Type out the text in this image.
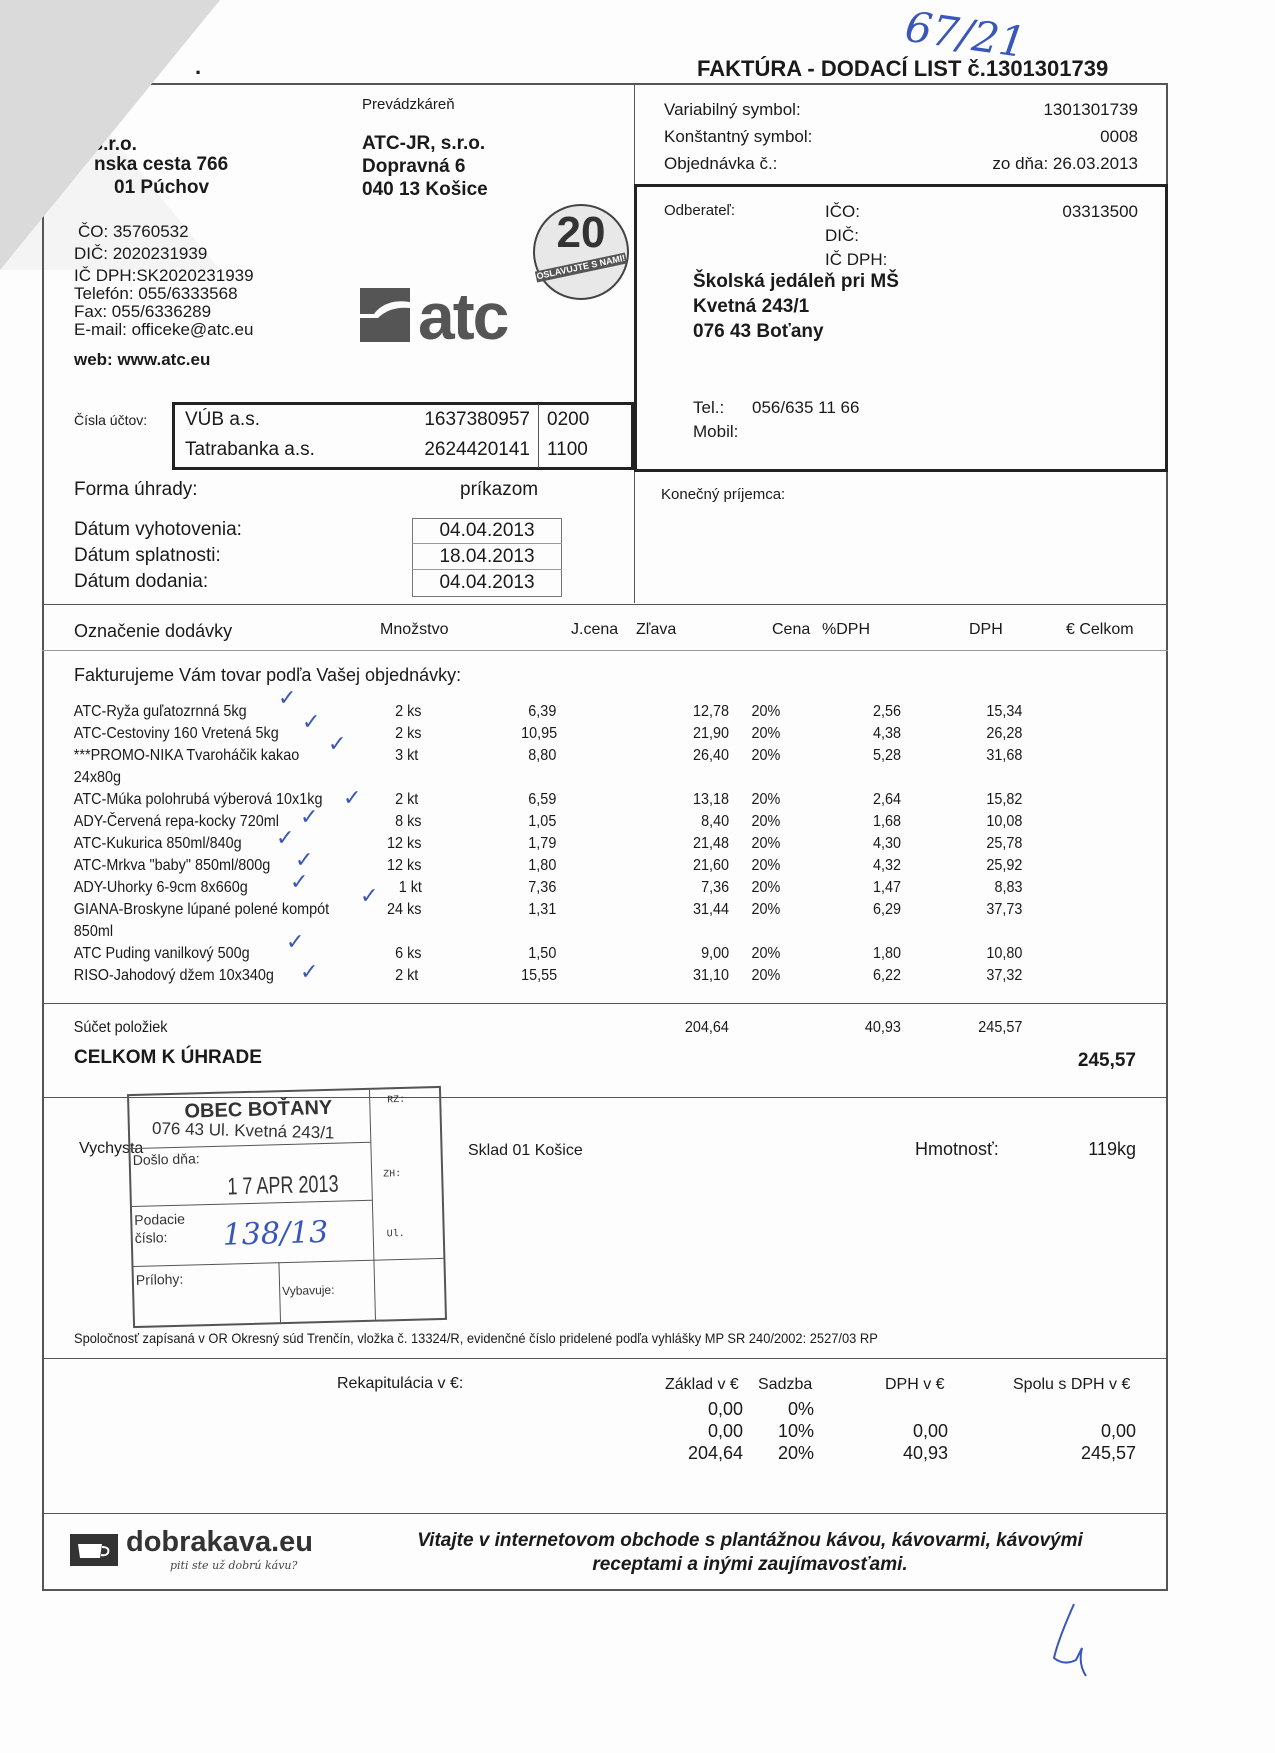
67/21
FAKTÚRA - DODACÍ LIST č.1301301739
.
, s.r.o.
nska cesta 766
01 Púchov
ČO: 35760532
DIČ: 2020231939
IČ DPH:SK2020231939
Telefón: 055/6333568
Fax: 055/6336289
E-mail: officeke@atc.eu
web: www.atc.eu
Prevádzkáreň
ATC-JR, s.r.o.
Dopravná 6
040 13 Košice
20
OSLAVUJTE S NAMI!
atc
Variabilný symbol:	1301301739
Konštantný symbol:	0008
Objednávka č.:	zo dňa: 26.03.2013
Odberateľ:	IČO:	03313500
DIČ:
IČ DPH:
Školská jedáleň pri MŠ
Kvetná 243/1
076 43 Boťany
Tel.: 056/635 11 66
Mobil:
Konečný príjemca:
Čísla účtov: VÚB a.s.	1637380957 0200
Tatrabanka a.s.	2624420141 1100
Forma úhrady:	príkazom
Dátum vyhotovenia:
Dátum splatnosti:
Dátum dodania:
04.04.2013
18.04.2013
04.04.2013
Označenie dodávky	Množstvo	J.cena Zľava	Cena %DPH	DPH	€ Celkom
Fakturujeme Vám tovar podľa Vašej objednávky:
ATC-Ryža guľatozrnná 5kg	2 ks	6,39	12,78 20%	2,56	15,34
ATC-Cestoviny 160 Vretená 5kg	2 ks	10,95	21,90 20%	4,38	26,28
***PROMO-NIKA Tvaroháčik kakao	3 kt	8,80	26,40 20%	5,28	31,68
24x80g
ATC-Múka polohrubá výberová 10x1kg	2 kt	6,59	13,18 20%	2,64	15,82
ADY-Červená repa-kocky 720ml	8 ks	1,05	8,40 20%	1,68	10,08
ATC-Kukurica 850ml/840g	12 ks	1,79	21,48 20%	4,30	25,78
ATC-Mrkva "baby" 850ml/800g	12 ks	1,80	21,60 20%	4,32	25,92
ADY-Uhorky 6-9cm 8x660g	1 kt	7,36	7,36 20%	1,47	8,83
GIANA-Broskyne lúpané polené kompót	24 ks	1,31	31,44 20%	6,29	37,73
850ml
ATC Puding vanilkový 500g	6 ks	1,50	9,00 20%	1,80	10,80
RISO-Jahodový džem 10x340g	2 kt	15,55	31,10 20%	6,22	37,32
✓
✓
✓
✓
✓
✓
✓
✓
✓
✓
✓
Súčet položiek	204,64	40,93	245,57
CELKOM K ÚHRADE	245,57
Vychysta	Sklad 01 Košice	Hmotnosť:	119kg
OBEC BOŤANY
076 43 Ul. Kvetná 243/1
RZ:
Došlo dňa:
1 7 APR 2013	ZH:
Podacie číslo:	138/13	Ul.
Prílohy:
Vybavuje:
Spoločnosť zapísaná v OR Okresný súd Trenčín, vložka č. 13324/R, evidenčné číslo pridelené podľa vyhlášky MP SR 240/2002: 2527/03 RP
Rekapitulácia v €:	Základ v € Sadzba	DPH v €	Spolu s DPH v €
0,00	0%
0,00	10%	0,00	0,00
204,64	20%	40,93	245,57
dobrakava.eu
piti ste už dobrú kávu?
Vitajte v internetovom obchode s plantážnou kávou, kávovarmi, kávovými
receptami a inými zaujímavosťami.
